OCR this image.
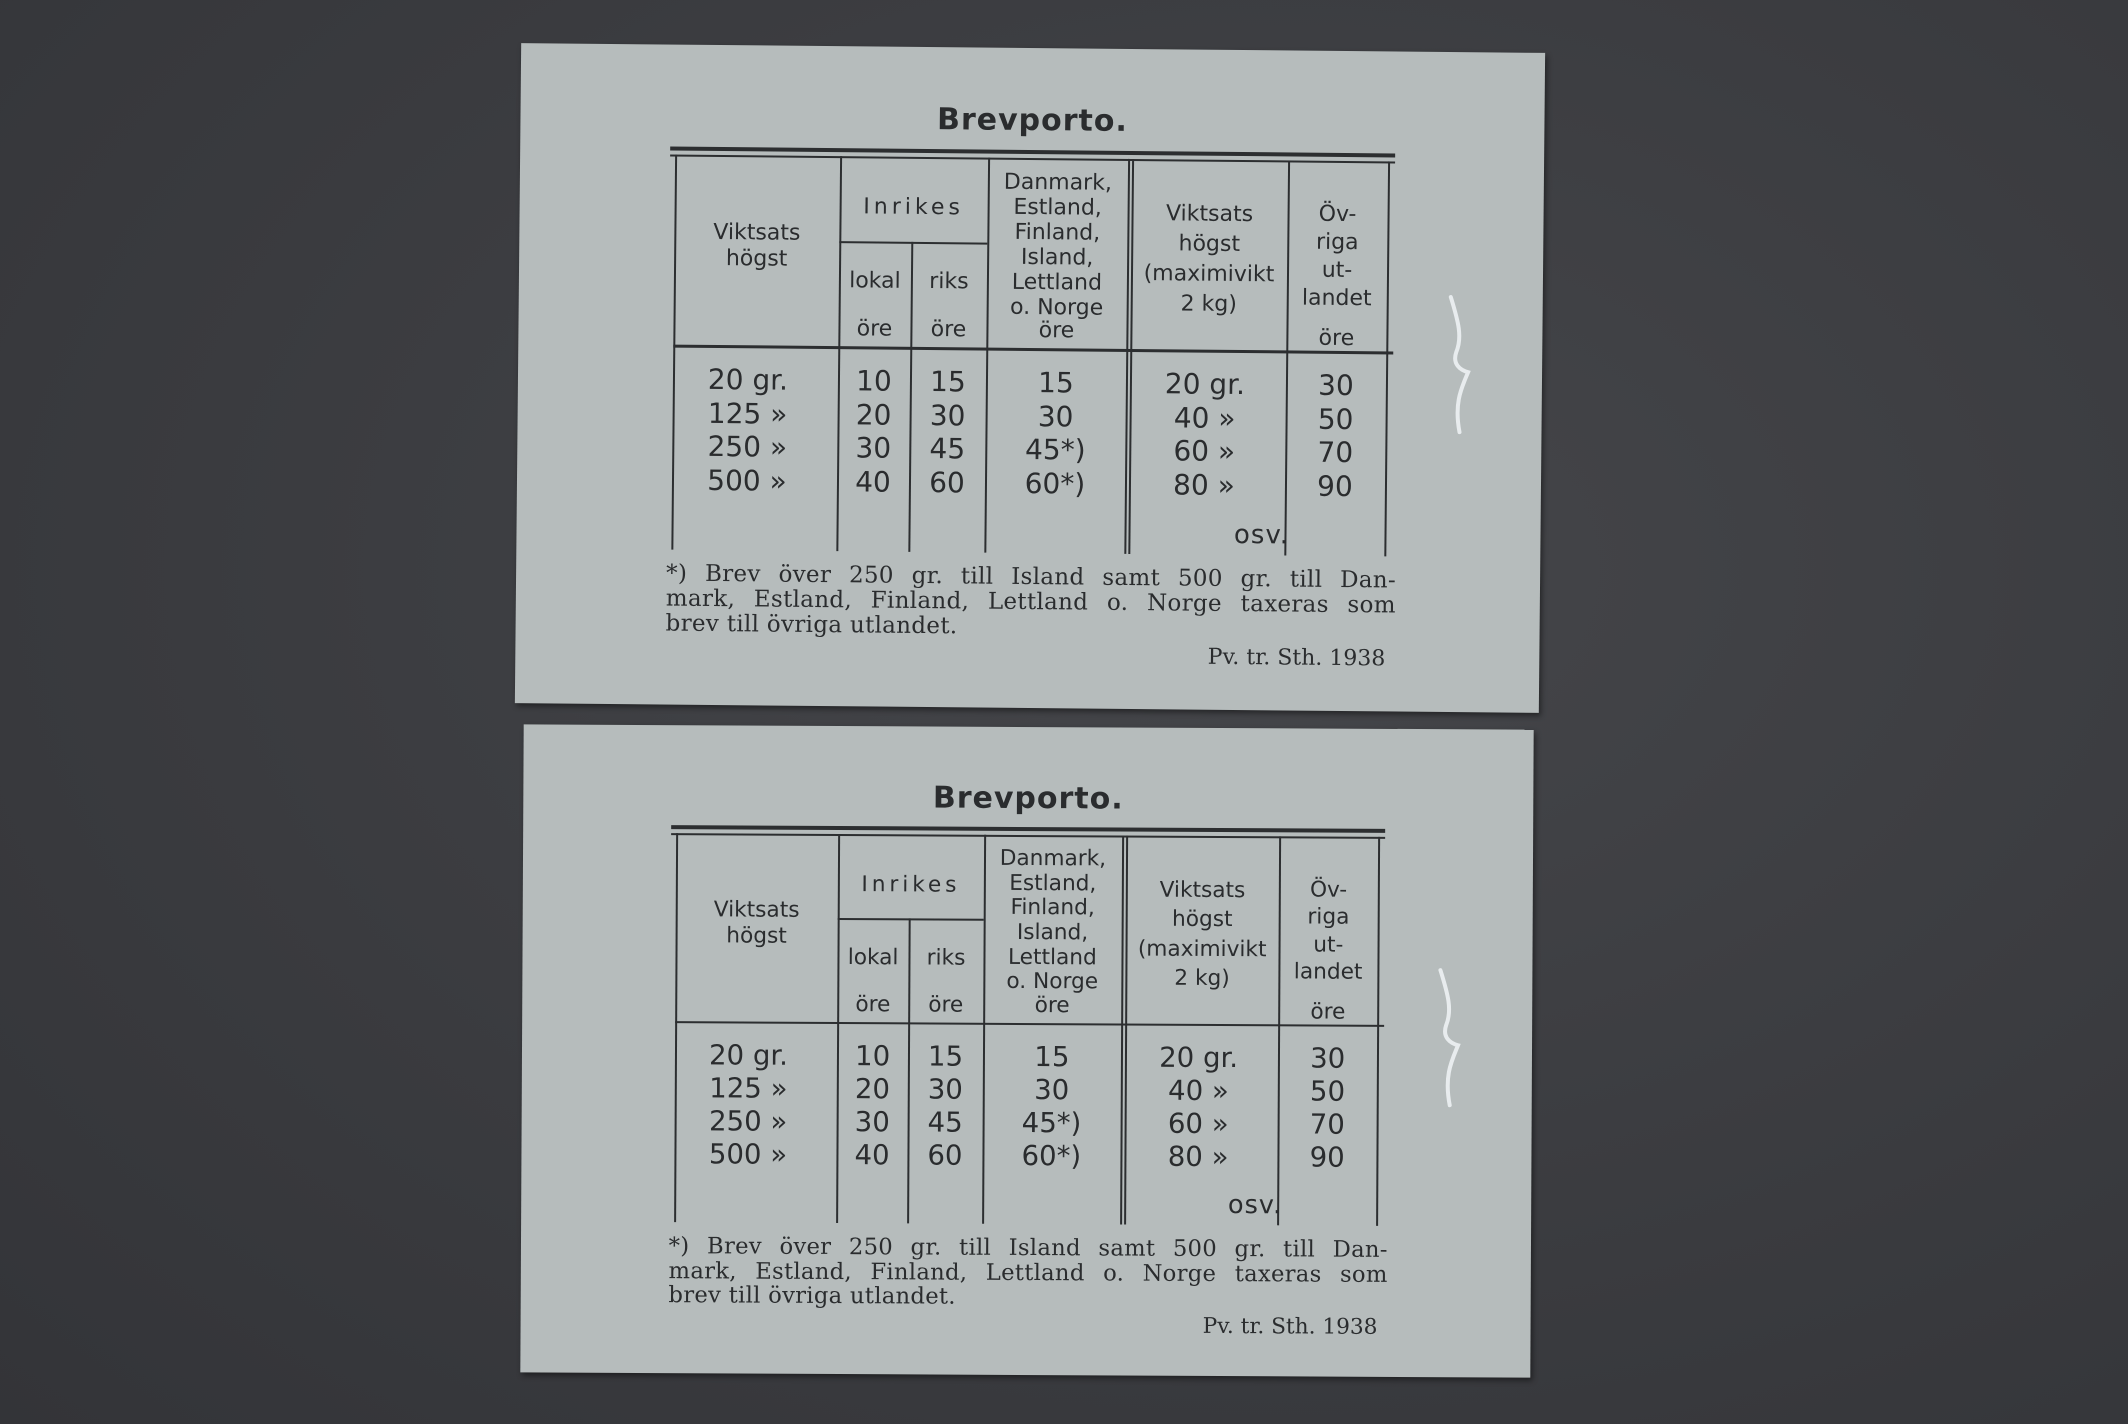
Brevporto.
Viktsats
högst
Inrikes
lokal	riks
Danmark,
Estland,
Finland,
Island,
Lettland
o. Norge
Viktsats
högst
(maximivikt
2 kg)
Öv-
riga
ut-
landet
öre	öre	öre	öre
20 gr.	10	15	15	20 gr.	30
125 »	20	30	30	40 »	50
250 »	30	45	45*)	60 »	70
500 »	40	60	60*)	80 »	90
osv.
*) Brev över 250 gr. till Island samt 500 gr. till Dan-
mark, Estland, Finland, Lettland o. Norge taxeras som
brev till övriga utlandet.
Pv. tr. Sth. 1938
Brevporto.
Viktsats
högst
Inrikes
lokal	riks
Danmark,
Estland,
Finland,
Island,
Lettland
o. Norge
Viktsats
högst
(maximivikt
2 kg)
Öv-
riga
ut-
landet
öre	öre	öre	öre
20 gr.	10	15	15	20 gr.	30
125 »	20	30	30	40 »	50
250 »	30	45	45*)	60 »	70
500 »	40	60	60*)	80 »	90
osv.
*) Brev över 250 gr. till Island samt 500 gr. till Dan-
mark, Estland, Finland, Lettland o. Norge taxeras som
brev till övriga utlandet.
Pv. tr. Sth. 1938
